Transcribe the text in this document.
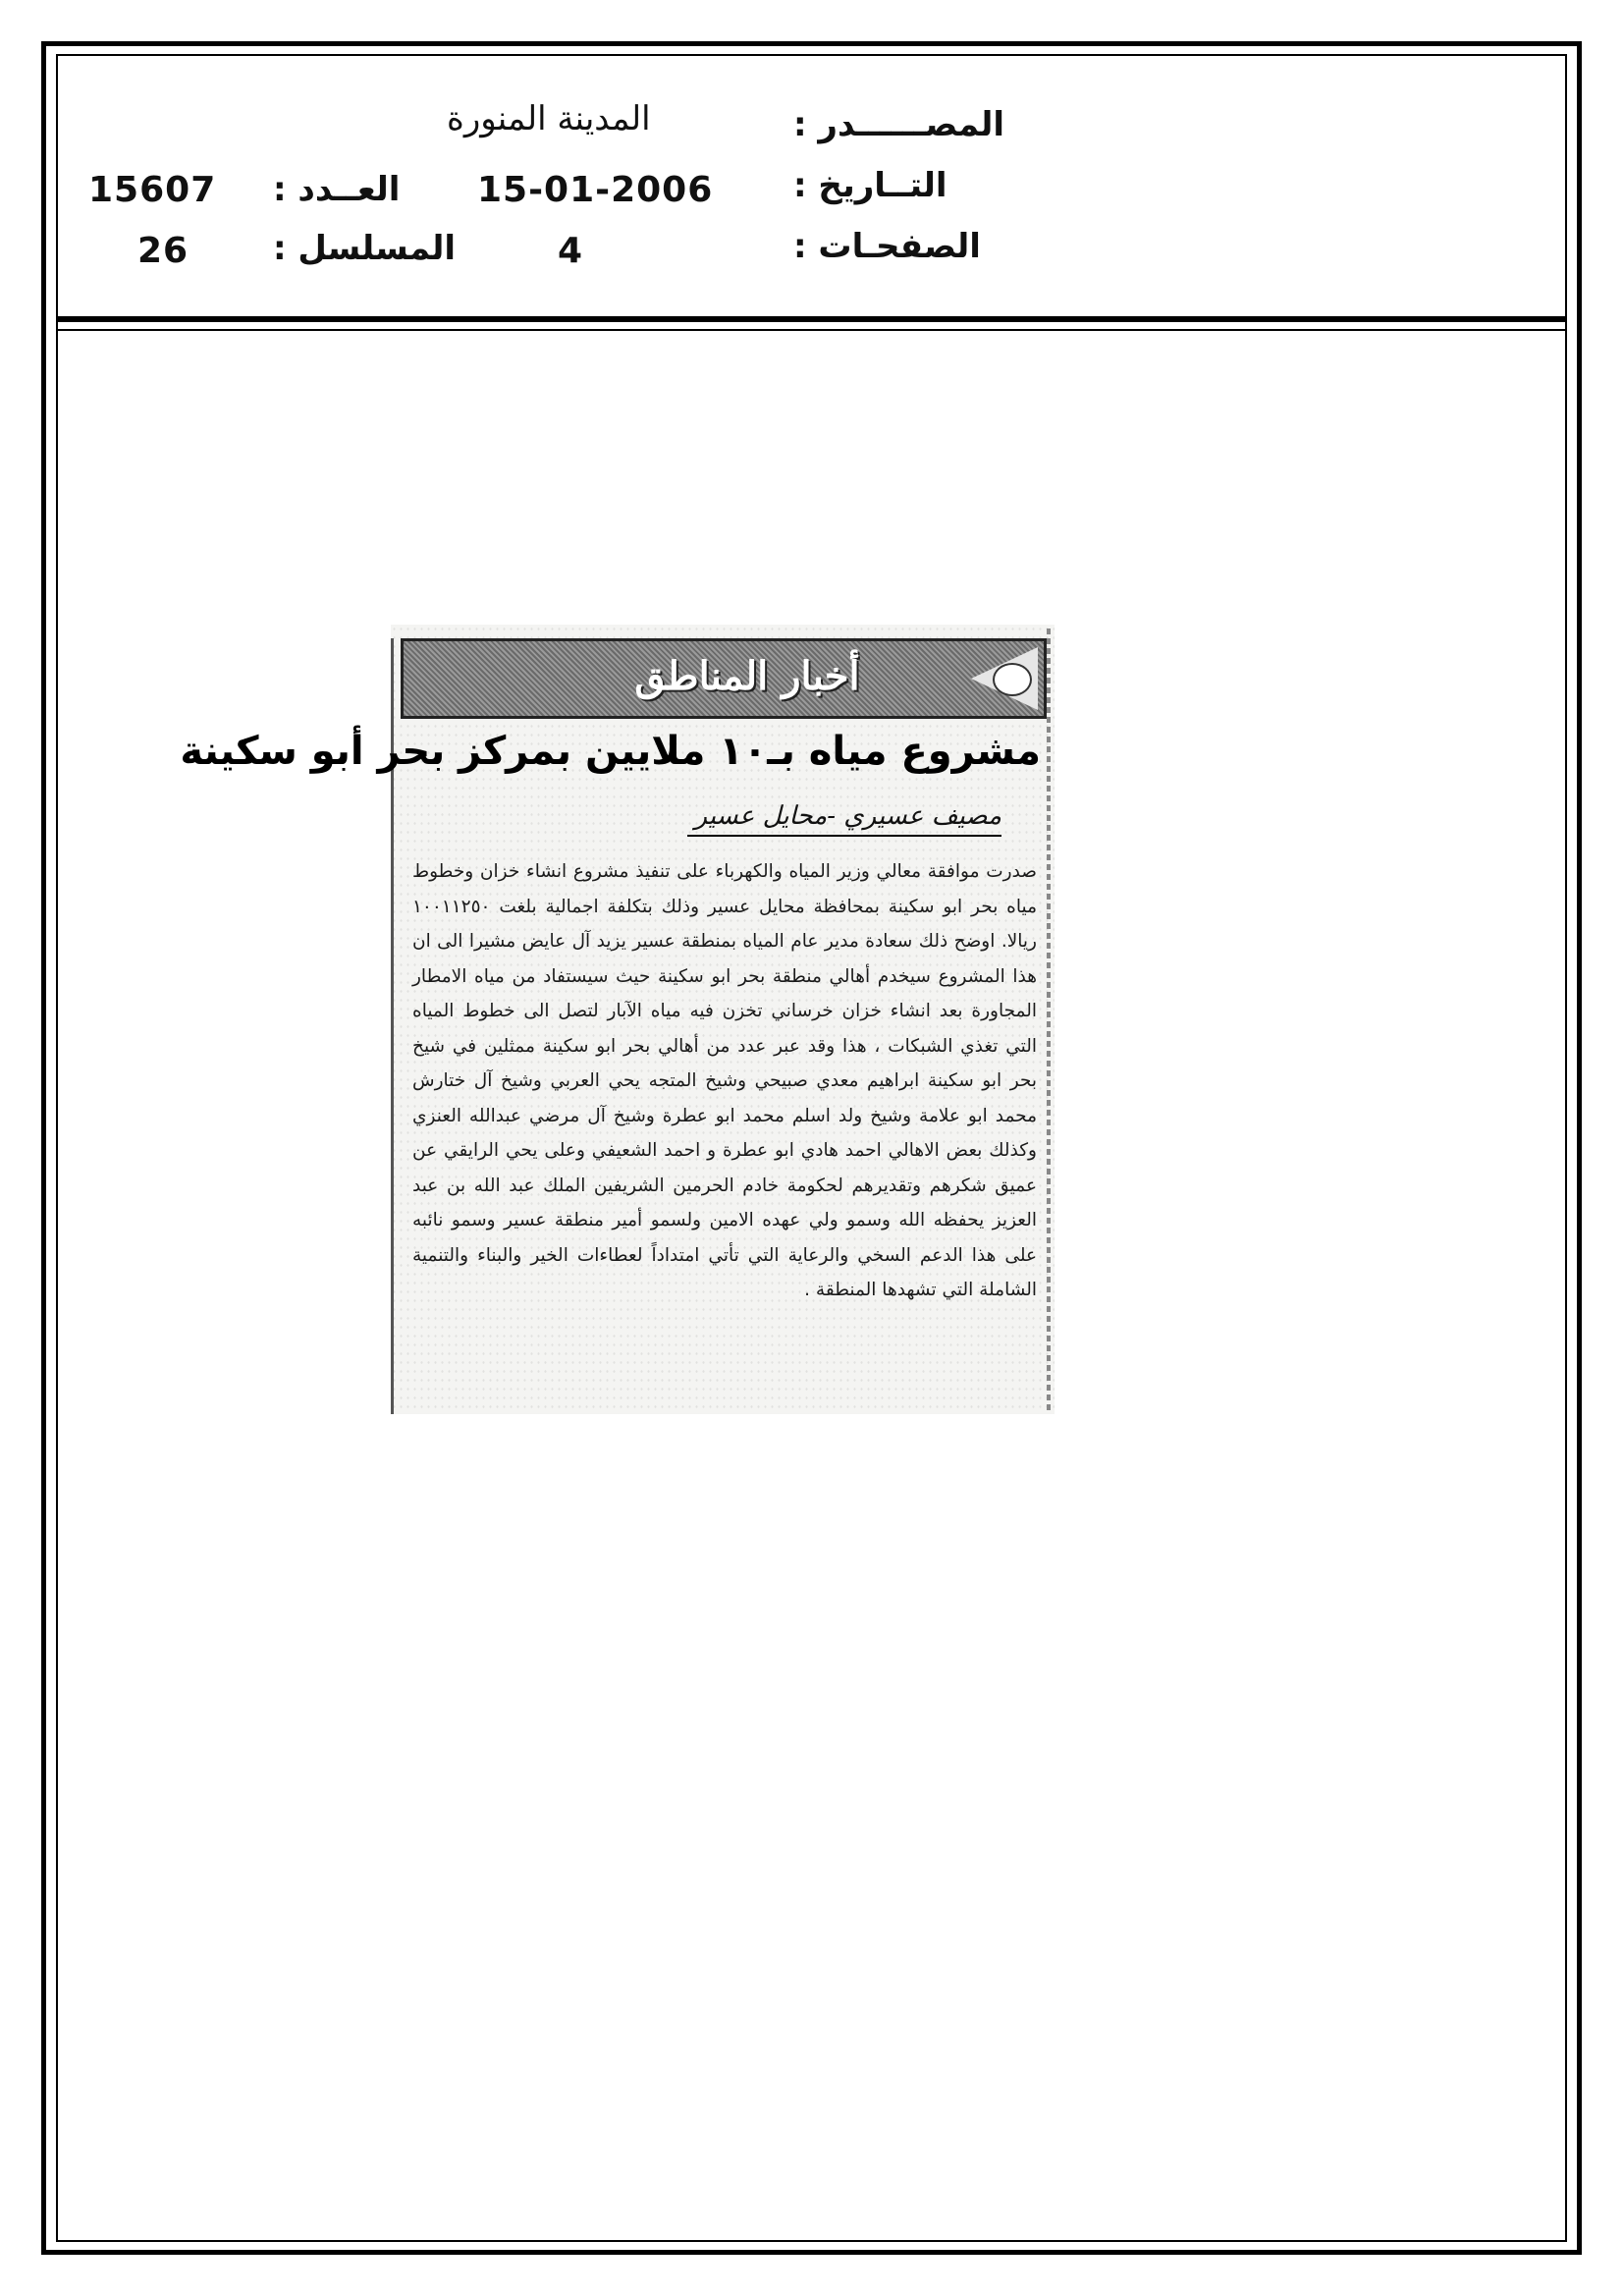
المصــــــدر :
المدينة المنورة
التــاريخ :
15-01-2006
العــدد :
15607
الصفحـات :
4
المسلسل :
26
أخبار المناطق
مشروع مياه بـ١٠ ملايين بمركز بحر أبو سكينة
مصيف عسيري -محايل عسير

صدرت موافقة معالي وزير المياه والكهرباء على تنفيذ مشروع انشاء خزان وخطوط مياه بحر ابو سكينة بمحافظة محايل عسير وذلك بتكلفة اجمالية بلغت ١٠٠١١٢٥٠ ريالا. اوضح ذلك سعادة مدير عام المياه بمنطقة عسير يزيد آل عايض مشيرا الى ان هذا المشروع سيخدم أهالي منطقة بحر ابو سكينة حيث سيستفاد من مياه الامطار المجاورة بعد انشاء خزان خرساني تخزن فيه مياه الآبار لتصل الى خطوط المياه التي تغذي الشبكات ، هذا وقد عبر عدد من أهالي بحر ابو سكينة ممثلين في شيخ بحر ابو سكينة ابراهيم معدي صبيحي وشيخ المتجه يحي العربي وشيخ آل ختارش محمد ابو علامة وشيخ ولد اسلم محمد ابو عطرة وشيخ آل مرضي عبدالله العنزي وكذلك بعض الاهالي احمد هادي ابو عطرة و احمد الشعيفي وعلى يحي الرايقي عن عميق شكرهم وتقديرهم لحكومة خادم الحرمين الشريفين الملك عبد الله بن عبد العزيز يحفظه الله وسمو ولي عهده الامين ولسمو أمير منطقة عسير وسمو نائبه على هذا الدعم السخي والرعاية التي تأتي امتداداً لعطاءات الخير والبناء والتنمية الشاملة التي تشهدها المنطقة .
